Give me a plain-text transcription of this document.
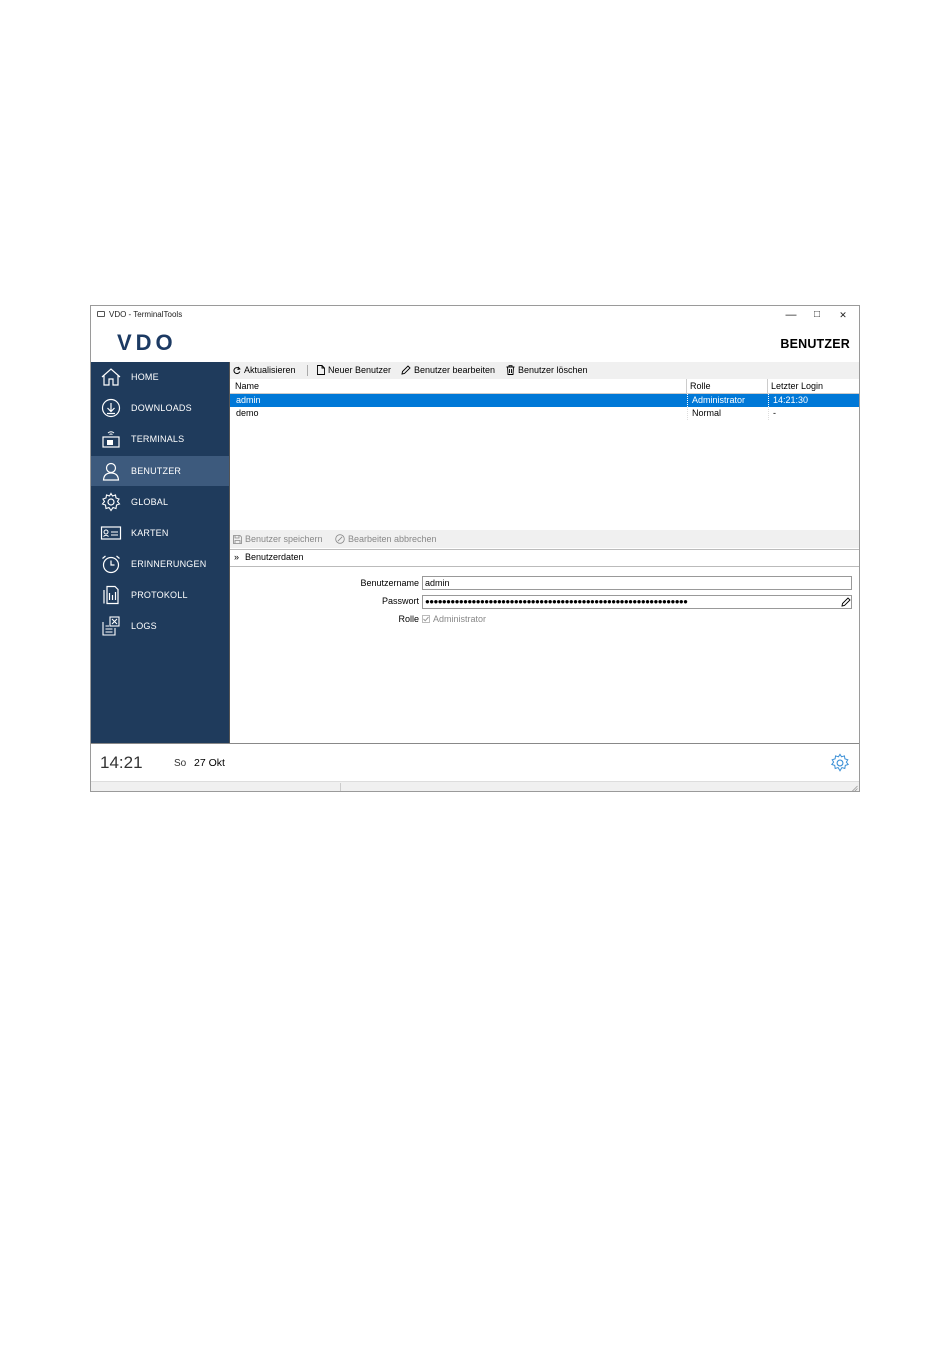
VDO - TerminalTools	—	□	✕
VDO	BENUTZER
HOME
DOWNLOADS
TERMINALS
BENUTZER
GLOBAL
KARTEN
ERINNERUNGEN
PROTOKOLL
LOGS
Aktualisieren	Neuer Benutzer	Benutzer bearbeiten	Benutzer löschen
Name	Rolle	Letzter Login
admin	Administrator	14:21:30
demo	Normal	-
Benutzer speichern	Bearbeiten abbrechen
» Benutzerdaten
Benutzername admin
Passwort ●●●●●●●●●●●●●●●●●●●●●●●●●●●●●●●●●●●●●●●●●●●●●●●●●●●●●●●●●●●●●●
Rolle Administrator
14:21	So 27 Okt
